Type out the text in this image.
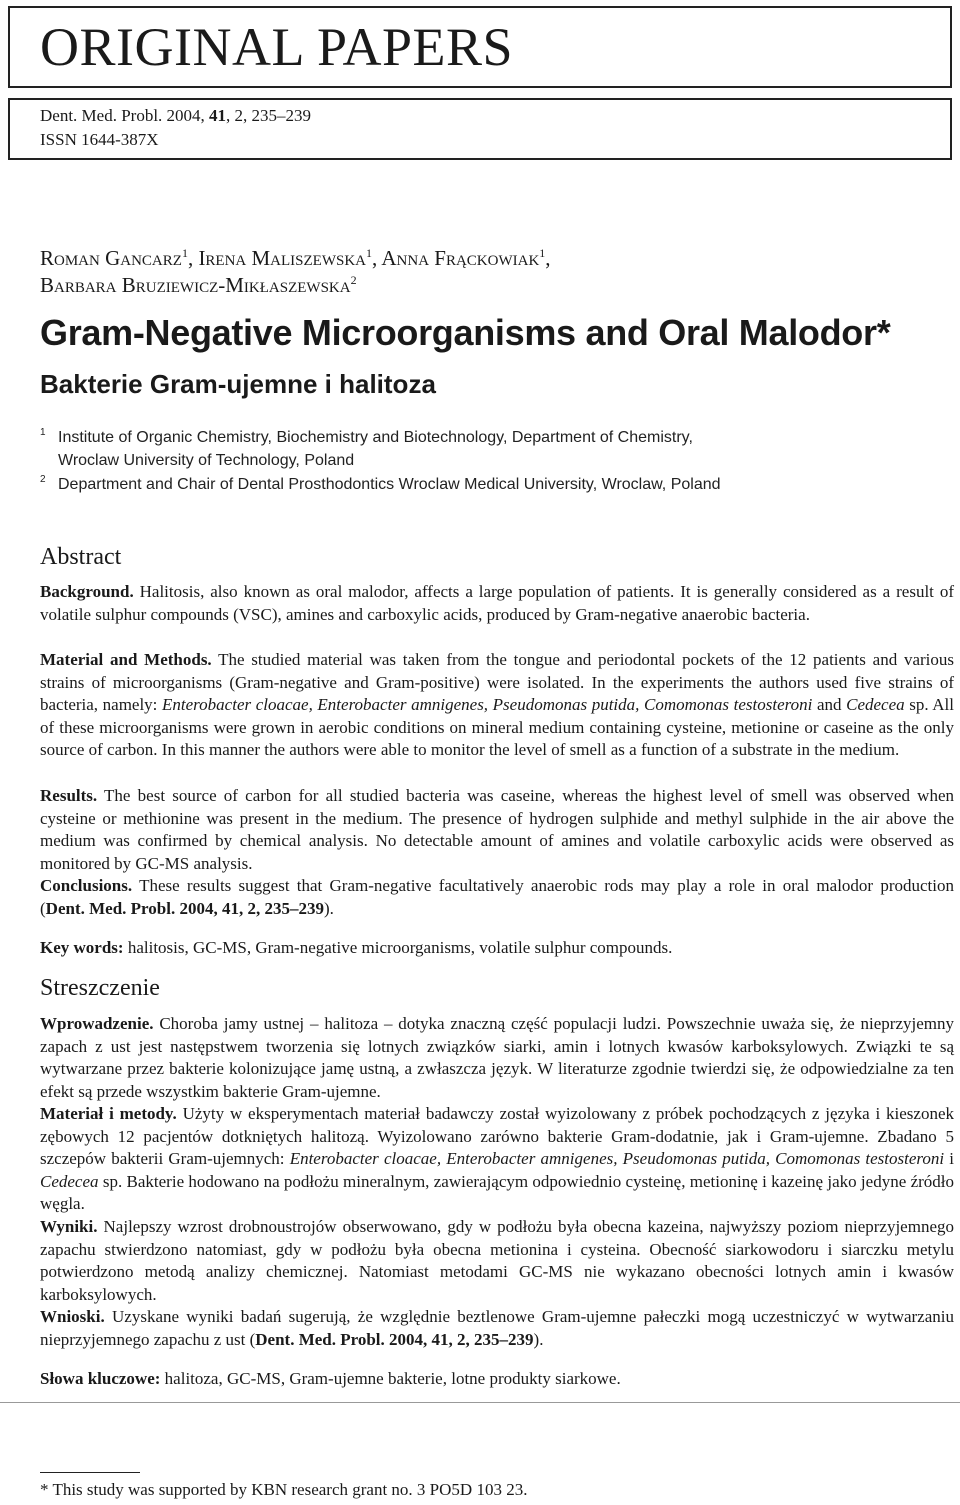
ORIGINAL PAPERS
Dent. Med. Probl. 2004, 41, 2, 235–239
ISSN 1644-387X
Roman Gancarz$^1$, Irena Maliszewska$^1$, Anna Frąckowiak$^1$,
Barbara Bruziewicz-Mikłaszewska$^2$
Gram-Negative Microorganisms and Oral Malodor*
Bakterie Gram-ujemne i halitoza
1 Institute of Organic Chemistry, Biochemistry and Biotechnology, Department of Chemistry,
Wroclaw University of Technology, Poland
2 Department and Chair of Dental Prosthodontics Wroclaw Medical University, Wroclaw, Poland
Abstract
Background. Halitosis, also known as oral malodor, affects a large population of patients. It is generally considered as a result of volatile sulphur compounds (VSC), amines and carboxylic acids, produced by Gram-negative anaerobic bacteria.
Material and Methods. The studied material was taken from the tongue and periodontal pockets of the 12 patients and various strains of microorganisms (Gram-negative and Gram-positive) were isolated. In the experiments the authors used five strains of bacteria, namely: Enterobacter cloacae, Enterobacter amnigenes, Pseudomonas putida, Comomonas testosteroni and Cedecea sp. All of these microorganisms were grown in aerobic conditions on mineral medium containing cysteine, metionine or caseine as the only source of carbon. In this manner the authors were able to monitor the level of smell as a function of a substrate in the medium.
Results. The best source of carbon for all studied bacteria was caseine, whereas the highest level of smell was observed when cysteine or methionine was present in the medium. The presence of hydrogen sulphide and methyl sulphide in the air above the medium was confirmed by chemical analysis. No detectable amount of amines and volatile carboxylic acids were observed as monitored by GC-MS analysis.
Conclusions. These results suggest that Gram-negative facultatively anaerobic rods may play a role in oral malodor production (Dent. Med. Probl. 2004, 41, 2, 235–239).
Key words: halitosis, GC-MS, Gram-negative microorganisms, volatile sulphur compounds.
Streszczenie
Wprowadzenie. Choroba jamy ustnej – halitoza – dotyka znaczną część populacji ludzi. Powszechnie uważa się, że nieprzyjemny zapach z ust jest następstwem tworzenia się lotnych związków siarki, amin i lotnych kwasów karboksylowych. Związki te są wytwarzane przez bakterie kolonizujące jamę ustną, a zwłaszcza język. W literaturze zgodnie twierdzi się, że odpowiedzialne za ten efekt są przede wszystkim bakterie Gram-ujemne.
Materiał i metody. Użyty w eksperymentach materiał badawczy został wyizolowany z próbek pochodzących z języka i kieszonek zębowych 12 pacjentów dotkniętych halitozą. Wyizolowano zarówno bakterie Gram-dodatnie, jak i Gram-ujemne. Zbadano 5 szczepów bakterii Gram-ujemnych: Enterobacter cloacae, Enterobacter amnigenes, Pseudomonas putida, Comomonas testosteroni i Cedecea sp. Bakterie hodowano na podłożu mineralnym, zawierającym odpowiednio cysteinę, metioninę i kazeinę jako jedyne źródło węgla.
Wyniki. Najlepszy wzrost drobnoustrojów obserwowano, gdy w podłożu była obecna kazeina, najwyższy poziom nieprzyjemnego zapachu stwierdzono natomiast, gdy w podłożu była obecna metionina i cysteina. Obecność siarkowodoru i siarczku metylu potwierdzono metodą analizy chemicznej. Natomiast metodami GC-MS nie wykazano obecności lotnych amin i kwasów karboksylowych.
Wnioski. Uzyskane wyniki badań sugerują, że względnie beztlenowe Gram-ujemne pałeczki mogą uczestniczyć w wytwarzaniu nieprzyjemnego zapachu z ust (Dent. Med. Probl. 2004, 41, 2, 235–239).
Słowa kluczowe: halitoza, GC-MS, Gram-ujemne bakterie, lotne produkty siarkowe.
* This study was supported by KBN research grant no. 3 PO5D 103 23.
